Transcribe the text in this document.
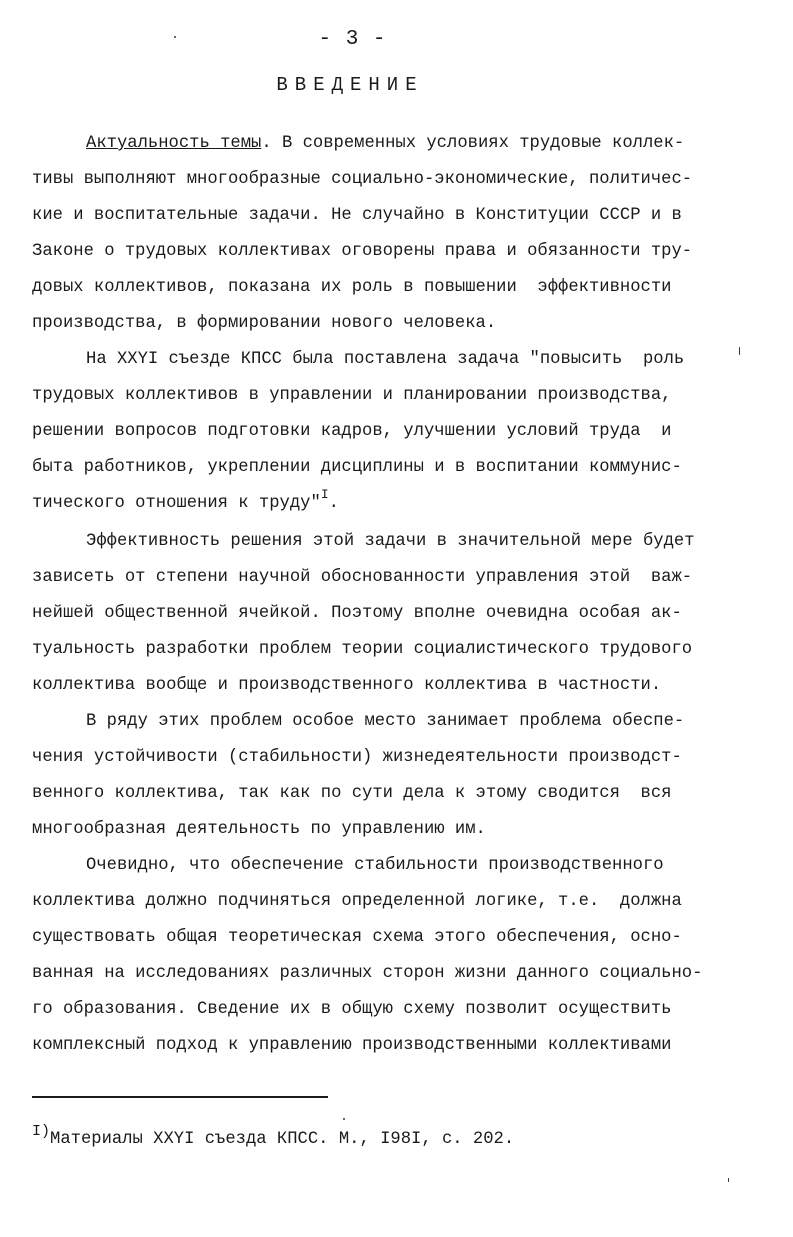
- 3 -
ВВЕДЕНИЕ
Актуальность темы. В современных условиях трудовые коллек-
тивы выполняют многообразные социально-экономические, политичес-
кие и воспитательные задачи. Не случайно в Конституции СССР и в
Законе о трудовых коллективах оговорены права и обязанности тру-
довых коллективов, показана их роль в повышении  эффективности
производства, в формировании нового человека.
На XXYI съезде КПСС была поставлена задача "повысить  роль
трудовых коллективов в управлении и планировании производства,
решении вопросов подготовки кадров, улучшении условий труда  и
быта работников, укреплении дисциплины и в воспитании коммунис-
тического отношения к труду"$^I$.
Эффективность решения этой задачи в значительной мере будет
зависеть от степени научной обоснованности управления этой  важ-
нейшей общественной ячейкой. Поэтому вполне очевидна особая ак-
туальность разработки проблем теории социалистического трудового
коллектива вообще и производственного коллектива в частности.
В ряду этих проблем особое место занимает проблема обеспе-
чения устойчивости (стабильности) жизнедеятельности производст-
венного коллектива, так как по сути дела к этому сводится  вся
многообразная деятельность по управлению им.
Очевидно, что обеспечение стабильности производственного
коллектива должно подчиняться определенной логике, т.е.  должна
существовать общая теоретическая схема этого обеспечения, осно-
ванная на исследованиях различных сторон жизни данного социально-
го образования. Сведение их в общую схему позволит осуществить
комплексный подход к управлению производственными коллективами
I)Материалы XXYI съезда КПСС. М., I98I, с. 202.
